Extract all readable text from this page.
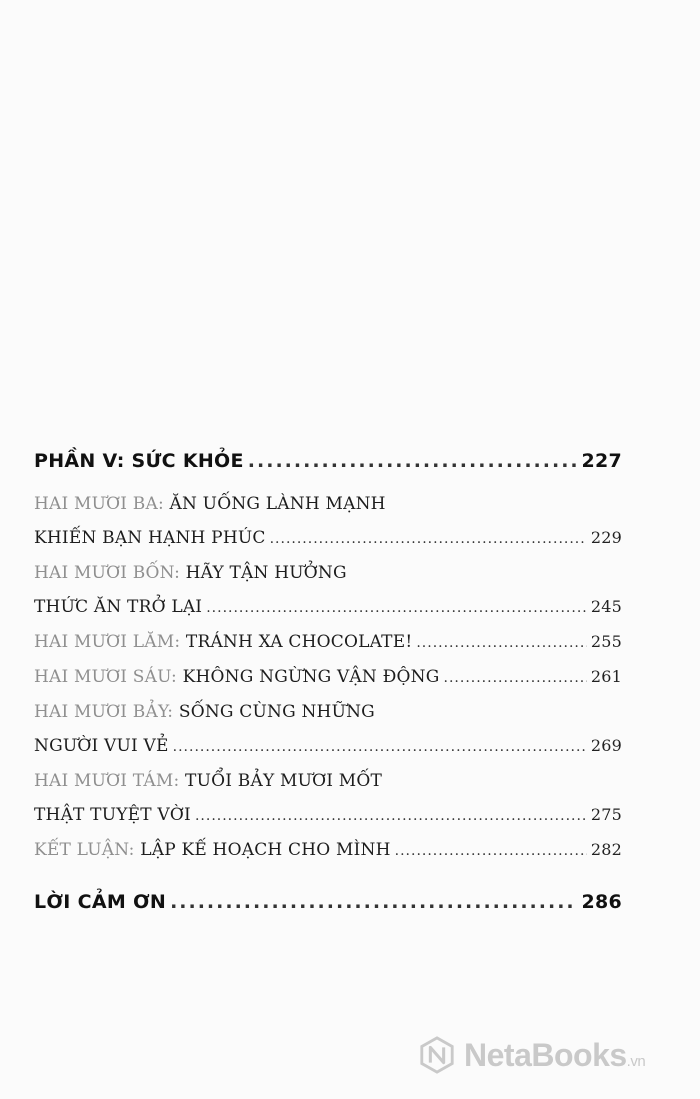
PHẦN V: SỨC KHỎE .....	227
HAI MƯƠI BA:
ĂN UỐNG LÀNH MẠNH
KHIẾN BẠN HẠNH PHÚC .....	229
HAI MƯƠI BỐN:
HÃY TẬN HƯỞNG
THỨC ĂN TRỞ LẠI .....	245
HAI MƯƠI LĂM:
TRÁNH XA CHOCOLATE! .....	255
HAI MƯƠI SÁU:
KHÔNG NGỪNG VẬN ĐỘNG .....	261
HAI MƯƠI BẢY:
SỐNG CÙNG NHỮNG
NGƯỜI VUI VẺ .....	269
HAI MƯƠI TÁM:
TUỔI BẢY MƯƠI MỐT
THẬT TUYỆT VỜI .....	275
KẾT LUẬN:
LẬP KẾ HOẠCH CHO MÌNH .....	282
LỜI CẢM ƠN .....	286
NetaBooks.vn
